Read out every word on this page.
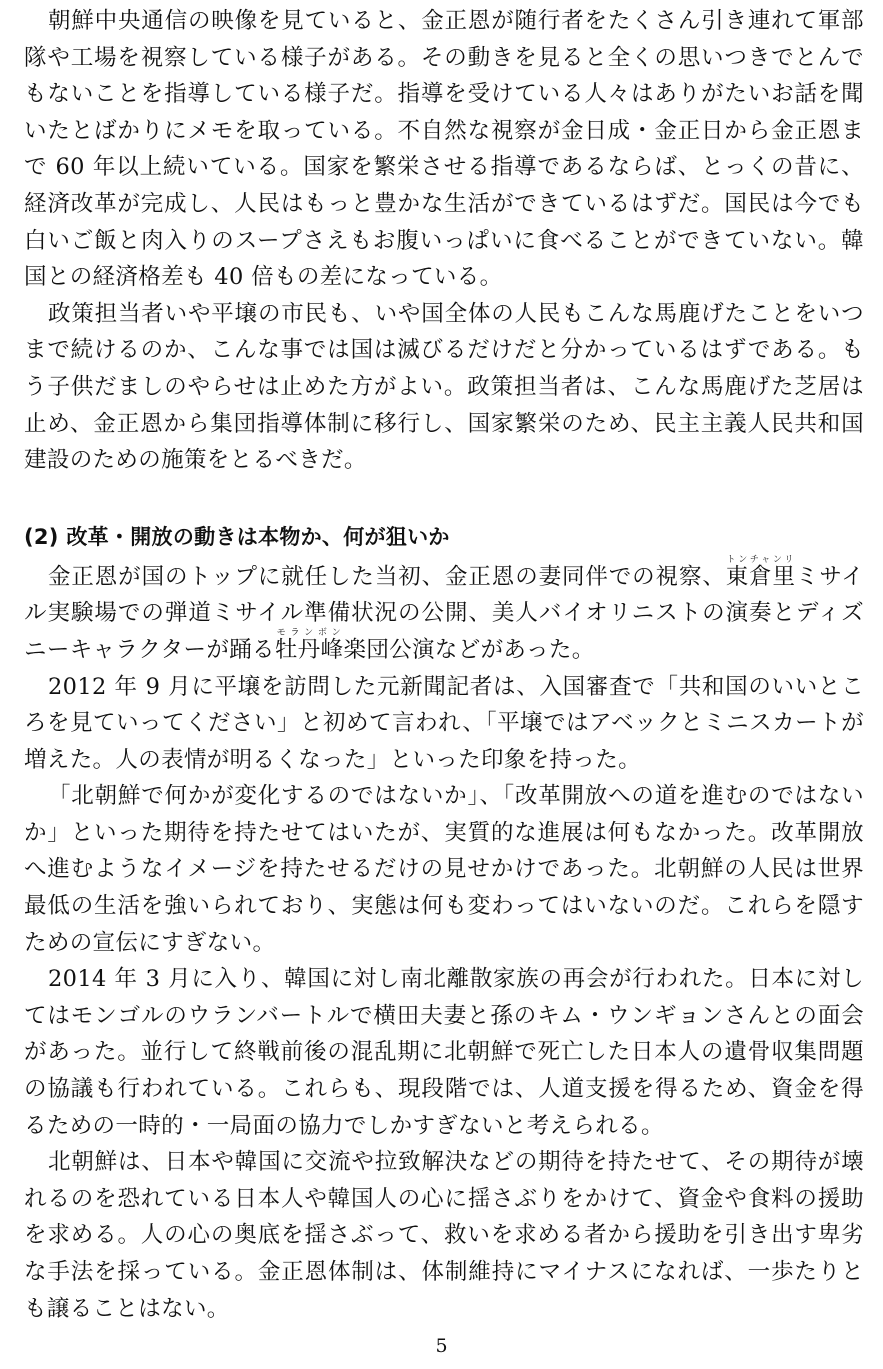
朝鮮中央通信の映像を見ていると、金正恩が随行者をたくさん引き連れて軍部隊や工場を視察している様子がある。その動きを見ると全くの思いつきでとんでもないことを指導している様子だ。指導を受けている人々はありがたいお話を聞いたとばかりにメモを取っている。不自然な視察が金日成・金正日から金正恩まで 60 年以上続いている。国家を繁栄させる指導であるならば、とっくの昔に、経済改革が完成し、人民はもっと豊かな生活ができているはずだ。国民は今でも白いご飯と肉入りのスープさえもお腹いっぱいに食べることができていない。韓国との経済格差も 40 倍もの差になっている。

政策担当者いや平壌の市民も、いや国全体の人民もこんな馬鹿げたことをいつまで続けるのか、こんな事では国は滅びるだけだと分かっているはずである。もう子供だましのやらせは止めた方がよい。政策担当者は、こんな馬鹿げた芝居は止め、金正恩から集団指導体制に移行し、国家繁栄のため、民主主義人民共和国建設のための施策をとるべきだ。

(2) 改革・開放の動きは本物か、何が狙いか

金正恩が国のトップに就任した当初、金正恩の妻同伴での視察、東倉里トンチャンリミサイル実験場での弾道ミサイル準備状況の公開、美人バイオリニストの演奏とディズニーキャラクターが踊る牡丹峰モランボン楽団公演などがあった。

2012 年 9 月に平壌を訪問した元新聞記者は、入国審査で「共和国のいいところを見ていってください」と初めて言われ、「平壌ではアベックとミニスカートが増えた。人の表情が明るくなった」といった印象を持った。

「北朝鮮で何かが変化するのではないか」、「改革開放への道を進むのではないか」といった期待を持たせてはいたが、実質的な進展は何もなかった。改革開放へ進むようなイメージを持たせるだけの見せかけであった。北朝鮮の人民は世界最低の生活を強いられており、実態は何も変わってはいないのだ。これらを隠すための宣伝にすぎない。

2014 年 3 月に入り、韓国に対し南北離散家族の再会が行われた。日本に対してはモンゴルのウランバートルで横田夫妻と孫のキム・ウンギョンさんとの面会があった。並行して終戦前後の混乱期に北朝鮮で死亡した日本人の遺骨収集問題の協議も行われている。これらも、現段階では、人道支援を得るため、資金を得るための一時的・一局面の協力でしかすぎないと考えられる。

北朝鮮は、日本や韓国に交流や拉致解決などの期待を持たせて、その期待が壊れるのを恐れている日本人や韓国人の心に揺さぶりをかけて、資金や食料の援助を求める。人の心の奥底を揺さぶって、救いを求める者から援助を引き出す卑劣な手法を採っている。金正恩体制は、体制維持にマイナスになれば、一歩たりとも譲ることはない。

5
